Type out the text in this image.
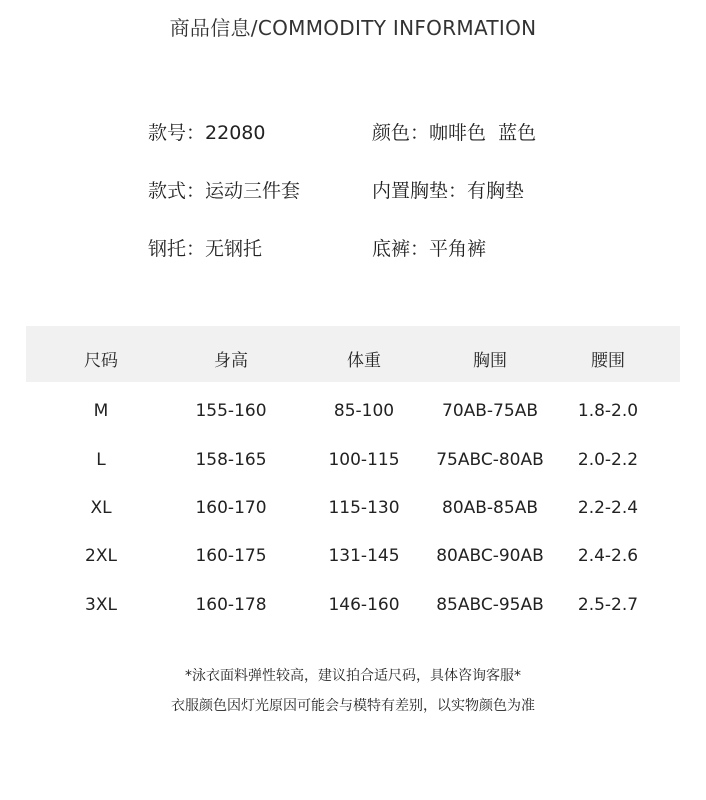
商品信息/COMMODITY INFORMATION
款号：22080	颜色：咖啡色  蓝色
款式：运动三件套	内置胸垫：有胸垫
钢托：无钢托	底裤：平角裤
尺码	身高	体重	胸围	腰围
M	155-160	85-100	70AB-75AB	1.8-2.0
L	158-165	100-115	75ABC-80AB	2.0-2.2
XL	160-170	115-130	80AB-85AB	2.2-2.4
2XL	160-175	131-145	80ABC-90AB	2.4-2.6
3XL	160-178	146-160	85ABC-95AB	2.5-2.7
*泳衣面料弹性较高，建议拍合适尺码，具体咨询客服*
衣服颜色因灯光原因可能会与模特有差别，以实物颜色为准
